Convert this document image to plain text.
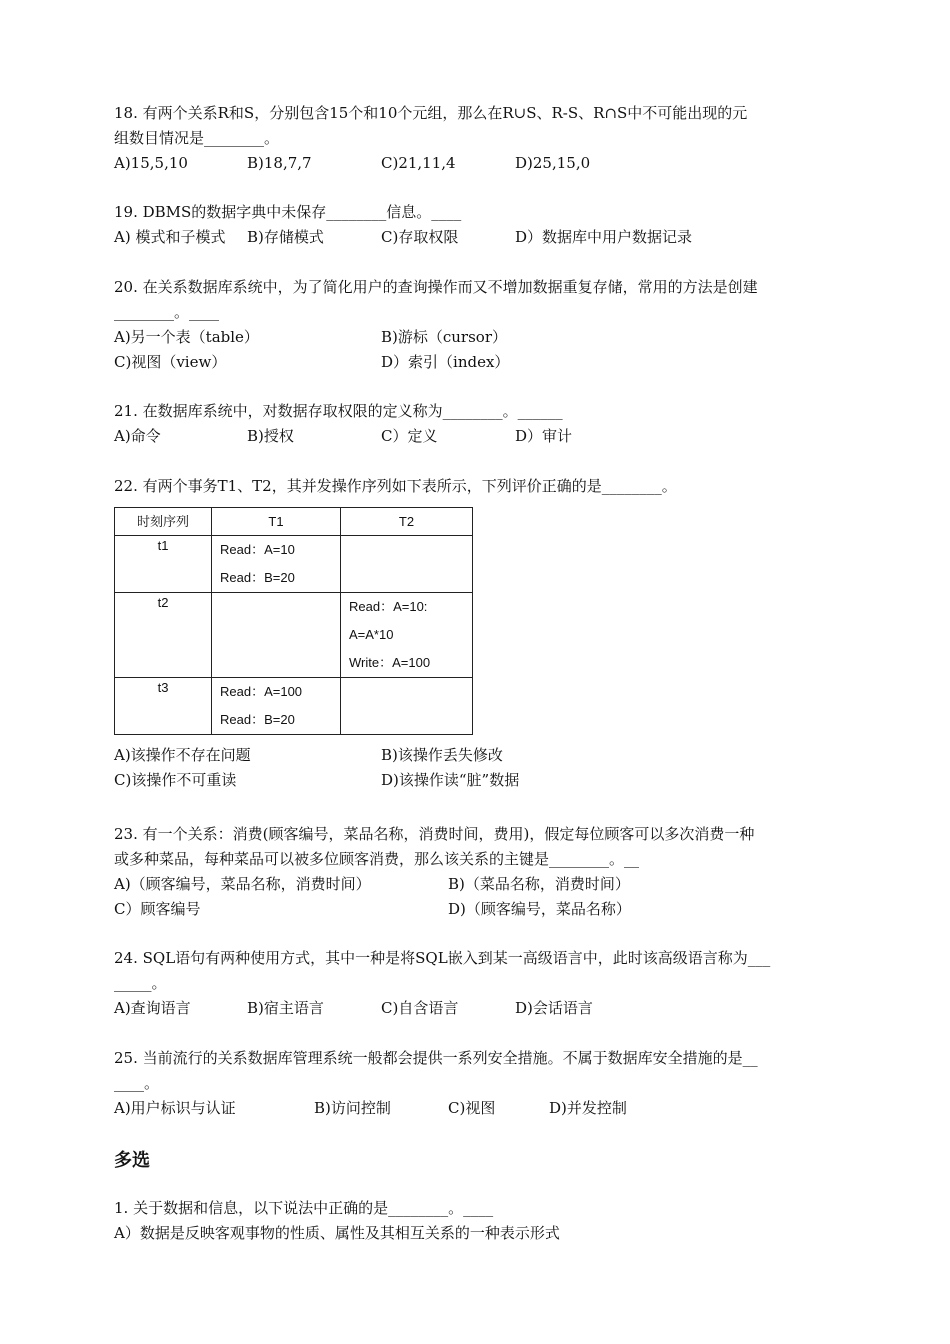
18. 有两个关系R和S，分别包含15个和10个元组，那么在R∪S、R-S、R∩S中不可能出现的元
组数目情况是________。
A)15,5,10	B)18,7,7	C)21,11,4	D)25,15,0
19. DBMS的数据字典中未保存________信息。____
A) 模式和子模式 B)存储模式	C)存取权限	D）数据库中用户数据记录
20. 在关系数据库系统中，为了简化用户的查询操作而又不增加数据重复存储，常用的方法是创建
________。____
A)另一个表（table）	B)游标（cursor）
C)视图（view）	D）索引（index）
21. 在数据库系统中，对数据存取权限的定义称为________。______
A)命令	B)授权	C）定义	D）审计
22. 有两个事务T1、T2，其并发操作序列如下表所示，下列评价正确的是________。
时刻序列	T1	T2
t1	Read：A=10
Read：B=20	

t2		Read：A=10:
A=A*10
Write：A=100

t3	Read：A=100
Read：B=20	

A)该操作不存在问题	B)该操作丢失修改
C)该操作不可重读	D)该操作读“脏”数据
23. 有一个关系：消费(顾客编号，菜品名称，消费时间，费用)，假定每位顾客可以多次消费一种
或多种菜品，每种菜品可以被多位顾客消费，那么该关系的主键是________。__
A)（顾客编号，菜品名称，消费时间）	B)（菜品名称，消费时间）
C）顾客编号	D)（顾客编号，菜品名称）
24. SQL语句有两种使用方式，其中一种是将SQL嵌入到某一高级语言中，此时该高级语言称为___
_____。
A)查询语言	B)宿主语言	C)自含语言	D)会话语言
25. 当前流行的关系数据库管理系统一般都会提供一系列安全措施。不属于数据库安全措施的是__
____。
A)用户标识与认证	B)访问控制	C)视图	D)并发控制
多选
1. 关于数据和信息，以下说法中正确的是________。____
A）数据是反映客观事物的性质、属性及其相互关系的一种表示形式
